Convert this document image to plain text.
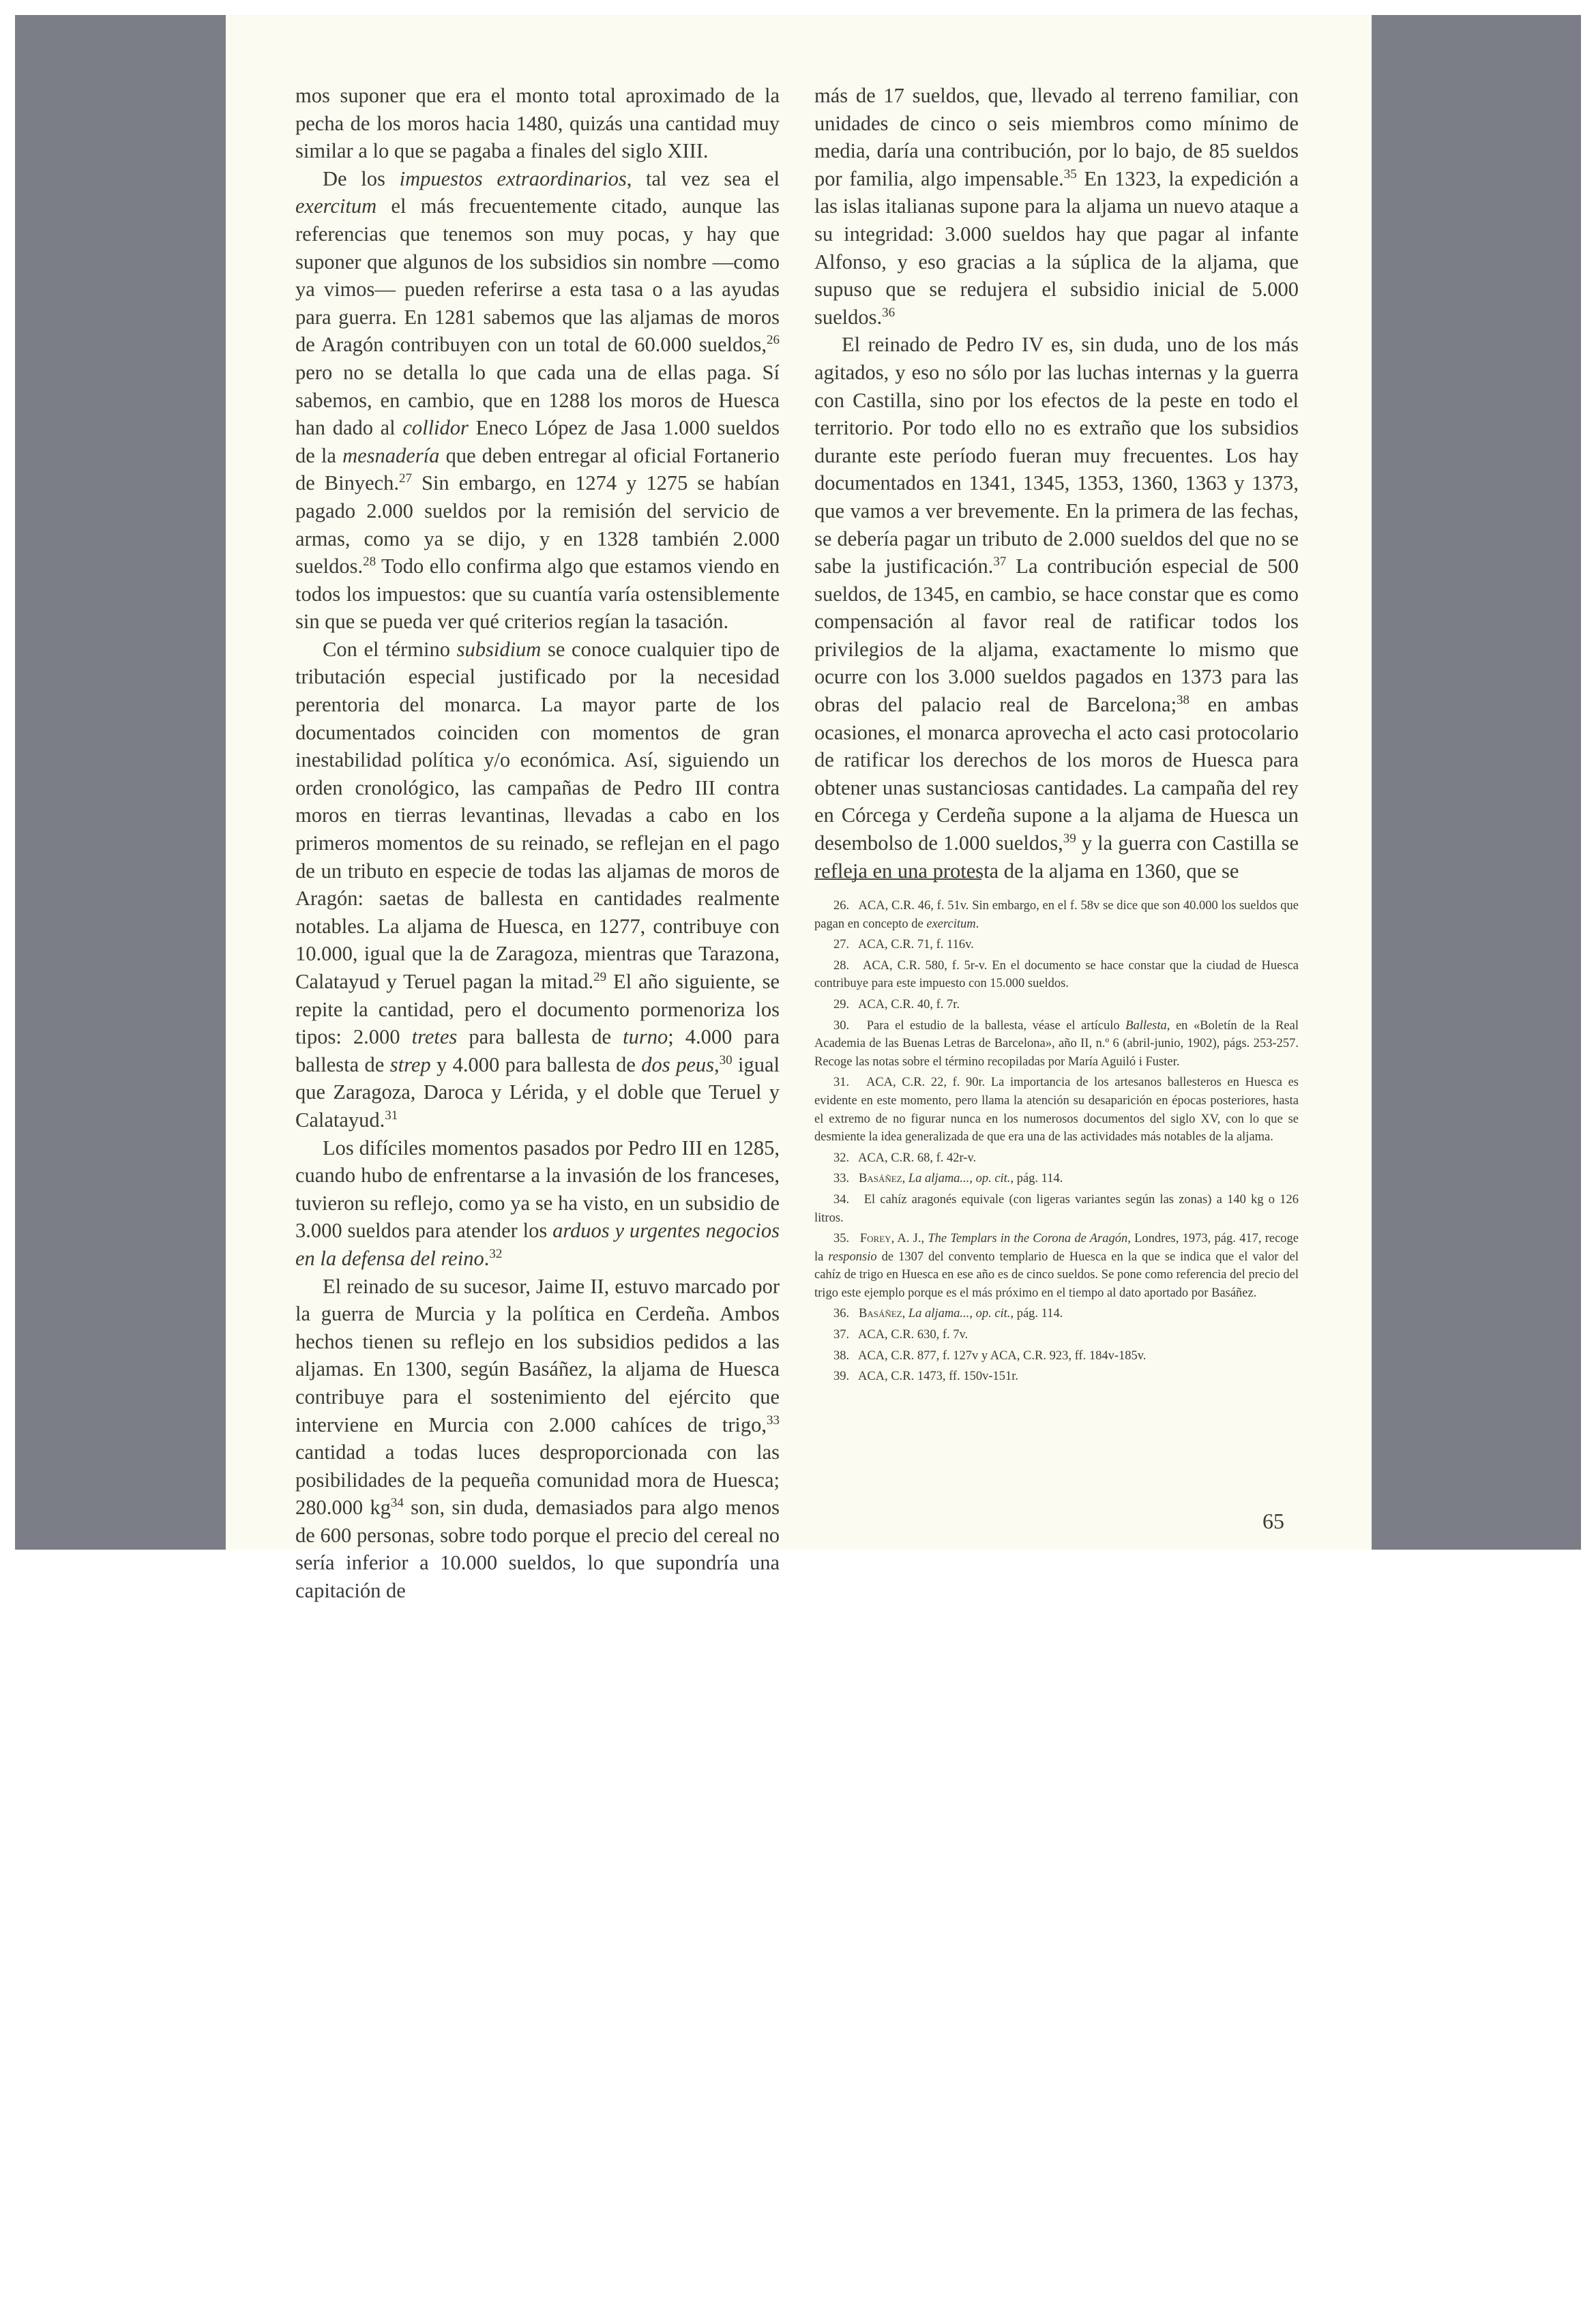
mos suponer que era el monto total aproximado de la pecha de los moros hacia 1480, quizás una cantidad muy similar a lo que se pagaba a finales del siglo XIII.

De los impuestos extraordinarios, tal vez sea el exercitum el más frecuentemente citado, aunque las referencias que tenemos son muy pocas, y hay que suponer que algunos de los subsidios sin nombre —como ya vimos— pueden referirse a esta tasa o a las ayudas para guerra. En 1281 sabemos que las aljamas de moros de Aragón contribuyen con un total de 60.000 sueldos,$^{26}$ pero no se detalla lo que cada una de ellas paga. Sí sabemos, en cambio, que en 1288 los moros de Huesca han dado al collidor Eneco López de Jasa 1.000 sueldos de la mesnadería que deben entregar al oficial Fortanerio de Binyech.$^{27}$ Sin embargo, en 1274 y 1275 se habían pagado 2.000 sueldos por la remisión del servicio de armas, como ya se dijo, y en 1328 también 2.000 sueldos.$^{28}$ Todo ello confirma algo que estamos viendo en todos los impuestos: que su cuantía varía ostensiblemente sin que se pueda ver qué criterios regían la tasación.

Con el término subsidium se conoce cualquier tipo de tributación especial justificado por la necesidad perentoria del monarca. La mayor parte de los documentados coinciden con momentos de gran inestabilidad política y/o económica. Así, siguiendo un orden cronológico, las campañas de Pedro III contra moros en tierras levantinas, llevadas a cabo en los primeros momentos de su reinado, se reflejan en el pago de un tributo en especie de todas las aljamas de moros de Aragón: saetas de ballesta en cantidades realmente notables. La aljama de Huesca, en 1277, contribuye con 10.000, igual que la de Zaragoza, mientras que Tarazona, Calatayud y Teruel pagan la mitad.$^{29}$ El año siguiente, se repite la cantidad, pero el documento pormenoriza los tipos: 2.000 tretes para ballesta de turno; 4.000 para ballesta de strep y 4.000 para ballesta de dos peus,$^{30}$ igual que Zaragoza, Daroca y Lérida, y el doble que Teruel y Calatayud.$^{31}$

Los difíciles momentos pasados por Pedro III en 1285, cuando hubo de enfrentarse a la invasión de los franceses, tuvieron su reflejo, como ya se ha visto, en un subsidio de 3.000 sueldos para atender los arduos y urgentes negocios en la defensa del reino.$^{32}$

El reinado de su sucesor, Jaime II, estuvo marcado por la guerra de Murcia y la política en Cerdeña. Ambos hechos tienen su reflejo en los subsidios pedidos a las aljamas. En 1300, según Basáñez, la aljama de Huesca contribuye para el sostenimiento del ejército que interviene en Murcia con 2.000 cahíces de trigo,$^{33}$ cantidad a todas luces desproporcionada con las posibilidades de la pequeña comunidad mora de Huesca; 280.000 $kg^{34}$ son, sin duda, demasiados para algo menos de 600 personas, sobre todo porque el precio del cereal no sería inferior a 10.000 sueldos, lo que supondría una capitación de

más de 17 sueldos, que, llevado al terreno familiar, con unidades de cinco o seis miembros como mínimo de media, daría una contribución, por lo bajo, de 85 sueldos por familia, algo impensable.$^{35}$ En 1323, la expedición a las islas italianas supone para la aljama un nuevo ataque a su integridad: 3.000 sueldos hay que pagar al infante Alfonso, y eso gracias a la súplica de la aljama, que supuso que se redujera el subsidio inicial de 5.000 sueldos.$^{36}$

El reinado de Pedro IV es, sin duda, uno de los más agitados, y eso no sólo por las luchas internas y la guerra con Castilla, sino por los efectos de la peste en todo el territorio. Por todo ello no es extraño que los subsidios durante este período fueran muy frecuentes. Los hay documentados en 1341, 1345, 1353, 1360, 1363 y 1373, que vamos a ver brevemente. En la primera de las fechas, se debería pagar un tributo de 2.000 sueldos del que no se sabe la justificación.$^{37}$ La contribución especial de 500 sueldos, de 1345, en cambio, se hace constar que es como compensación al favor real de ratificar todos los privilegios de la aljama, exactamente lo mismo que ocurre con los 3.000 sueldos pagados en 1373 para las obras del palacio real de Barcelona;$^{38}$ en ambas ocasiones, el monarca aprovecha el acto casi protocolario de ratificar los derechos de los moros de Huesca para obtener unas sustanciosas cantidades. La campaña del rey en Córcega y Cerdeña supone a la aljama de Huesca un desembolso de 1.000 sueldos,$^{39}$ y la guerra con Castilla se refleja en una protesta de la aljama en 1360, que se

26.   ACA, C.R. 46, f. 51v. Sin embargo, en el f. 58v se dice que son 40.000 los sueldos que pagan en concepto de exercitum.

27.   ACA, C.R. 71, f. 116v.

28.   ACA, C.R. 580, f. 5r-v. En el documento se hace constar que la ciudad de Huesca contribuye para este impuesto con 15.000 sueldos.

29.   ACA, C.R. 40, f. 7r.

30.   Para el estudio de la ballesta, véase el artículo Ballesta, en «Boletín de la Real Academia de las Buenas Letras de Barcelona», año II, n.º 6 (abril-junio, 1902), págs. 253-257. Recoge las notas sobre el término recopiladas por María Aguiló i Fuster.

31.   ACA, C.R. 22, f. 90r. La importancia de los artesanos ballesteros en Huesca es evidente en este momento, pero llama la atención su desaparición en épocas posteriores, hasta el extremo de no figurar nunca en los numerosos documentos del siglo XV, con lo que se desmiente la idea generalizada de que era una de las actividades más notables de la aljama.

32.   ACA, C.R. 68, f. 42r-v.

33.   Basáñez, La aljama..., op. cit., pág. 114.

34.   El cahíz aragonés equivale (con ligeras variantes según las zonas) a 140 kg o 126 litros.

35.   Forey, A. J., The Templars in the Corona de Aragón, Londres, 1973, pág. 417, recoge la responsio de 1307 del convento templario de Huesca en la que se indica que el valor del cahíz de trigo en Huesca en ese año es de cinco sueldos. Se pone como referencia del precio del trigo este ejemplo porque es el más próximo en el tiempo al dato aportado por Basáñez.

36.   Basáñez, La aljama..., op. cit., pág. 114.

37.   ACA, C.R. 630, f. 7v.

38.   ACA, C.R. 877, f. 127v y ACA, C.R. 923, ff. 184v-185v.

39.   ACA, C.R. 1473, ff. 150v-151r.

65
